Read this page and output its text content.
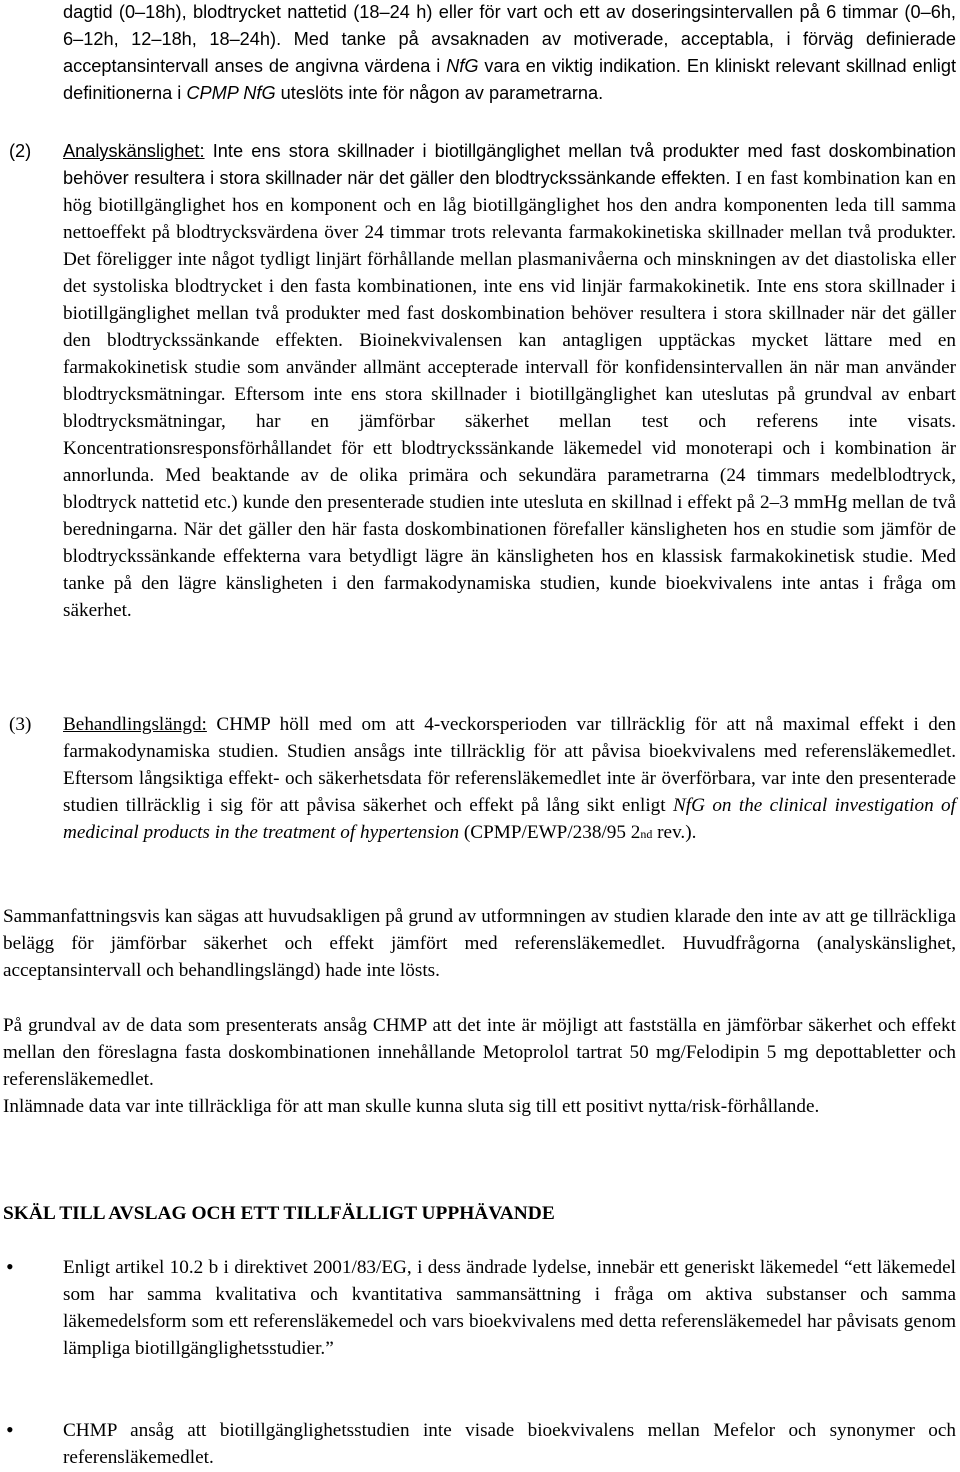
dagtid (0–18h), blodtrycket nattetid (18–24 h) eller för vart och ett av doseringsintervallen på 6 timmar (0–6h, 6–12h, 12–18h, 18–24h). Med tanke på avsaknaden av motiverade, acceptabla, i förväg definierade acceptansintervall anses de angivna värdena i NfG vara en viktig indikation. En kliniskt relevant skillnad enligt definitionerna i CPMP NfG uteslöts inte för någon av parametrarna.
(2) Analyskänslighet: Inte ens stora skillnader i biotillgänglighet mellan två produkter med fast doskombination behöver resultera i stora skillnader när det gäller den blodtryckssänkande effekten. I en fast kombination kan en hög biotillgänglighet hos en komponent och en låg biotillgänglighet hos den andra komponenten leda till samma nettoeffekt på blodtrycksvärdena över 24 timmar trots relevanta farmakokinetiska skillnader mellan två produkter. Det föreligger inte något tydligt linjärt förhållande mellan plasmanivåerna och minskningen av det diastoliska eller det systoliska blodtrycket i den fasta kombinationen, inte ens vid linjär farmakokinetik. Inte ens stora skillnader i biotillgänglighet mellan två produkter med fast doskombination behöver resultera i stora skillnader när det gäller den blodtryckssänkande effekten. Bioinekvivalensen kan antagligen upptäckas mycket lättare med en farmakokinetisk studie som använder allmänt accepterade intervall för konfidensintervallen än när man använder blodtrycksmätningar. Eftersom inte ens stora skillnader i biotillgänglighet kan uteslutas på grundval av enbart blodtrycksmätningar, har en jämförbar säkerhet mellan test och referens inte visats. Koncentrationsresponsförhållandet för ett blodtryckssänkande läkemedel vid monoterapi och i kombination är annorlunda. Med beaktande av de olika primära och sekundära parametrarna (24 timmars medelblodtryck, blodtryck nattetid etc.) kunde den presenterade studien inte utesluta en skillnad i effekt på 2–3 mmHg mellan de två beredningarna. När det gäller den här fasta doskombinationen förefaller känsligheten hos en studie som jämför de blodtryckssänkande effekterna vara betydligt lägre än känsligheten hos en klassisk farmakokinetisk studie. Med tanke på den lägre känsligheten i den farmakodynamiska studien, kunde bioekvivalens inte antas i fråga om säkerhet.
(3) Behandlingslängd: CHMP höll med om att 4-veckorsperioden var tillräcklig för att nå maximal effekt i den farmakodynamiska studien. Studien ansågs inte tillräcklig för att påvisa bioekvivalens med referensläkemedlet. Eftersom långsiktiga effekt- och säkerhetsdata för referensläkemedlet inte är överförbara, var inte den presenterade studien tillräcklig i sig för att påvisa säkerhet och effekt på lång sikt enligt NfG on the clinical investigation of medicinal products in the treatment of hypertension (CPMP/EWP/238/95 2nd rev.).
Sammanfattningsvis kan sägas att huvudsakligen på grund av utformningen av studien klarade den inte av att ge tillräckliga belägg för jämförbar säkerhet och effekt jämfört med referensläkemedlet. Huvudfrågorna (analyskänslighet, acceptansintervall och behandlingslängd) hade inte lösts.
På grundval av de data som presenterats ansåg CHMP att det inte är möjligt att fastställa en jämförbar säkerhet och effekt mellan den föreslagna fasta doskombinationen innehållande Metoprolol tartrat 50 mg/Felodipin 5 mg depottabletter och referensläkemedlet.
Inlämnade data var inte tillräckliga för att man skulle kunna sluta sig till ett positivt nytta/risk-förhållande.
SKÄL TILL AVSLAG OCH ETT TILLFÄLLIGT UPPHÄVANDE
•	Enligt artikel 10.2 b i direktivet 2001/83/EG, i dess ändrade lydelse, innebär ett generiskt läkemedel “ett läkemedel som har samma kvalitativa och kvantitativa sammansättning i fråga om aktiva substanser och samma läkemedelsform som ett referensläkemedel och vars bioekvivalens med detta referensläkemedel har påvisats genom lämpliga biotillgänglighetsstudier.”
•	CHMP ansåg att biotillgänglighetsstudien inte visade bioekvivalens mellan Mefelor och synonymer och referensläkemedlet.
